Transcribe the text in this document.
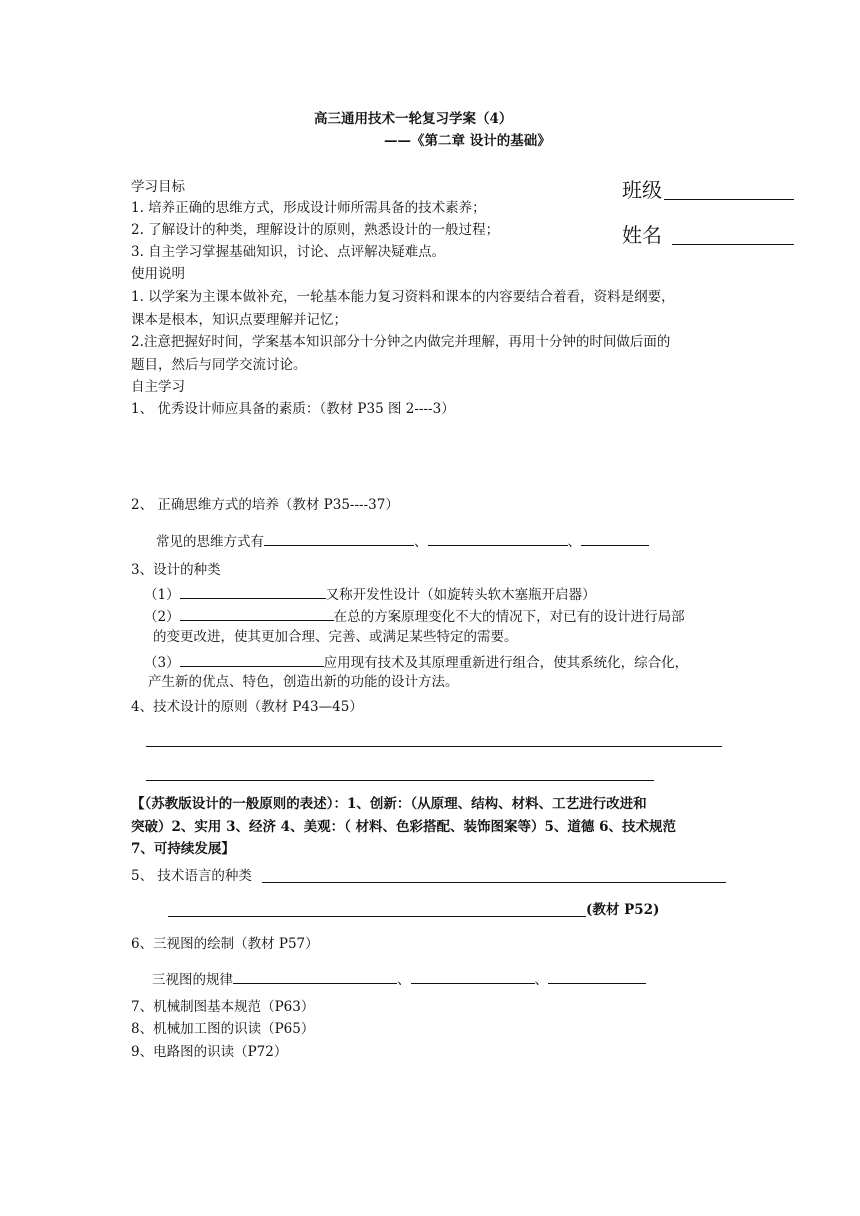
高三通用技术一轮复习学案（4）
——《第二章 设计的基础》
班级
姓名
学习目标
1. 培养正确的思维方式，形成设计师所需具备的技术素养；
2. 了解设计的种类，理解设计的原则，熟悉设计的一般过程；
3. 自主学习掌握基础知识，讨论、点评解决疑难点。
使用说明
1. 以学案为主课本做补充，一轮基本能力复习资料和课本的内容要结合着看，资料是纲要，
课本是根本，知识点要理解并记忆；
2.注意把握好时间，学案基本知识部分十分钟之内做完并理解，再用十分钟的时间做后面的
题目，然后与同学交流讨论。
自主学习
1、 优秀设计师应具备的素质：（教材 P35 图 2----3）
2、 正确思维方式的培养（教材 P35----37）
常见的思维方式有	、	、
3、设计的种类
（1）	又称开发性设计（如旋转头软木塞瓶开启器）
（2）	在总的方案原理变化不大的情况下，对已有的设计进行局部
的变更改进，使其更加合理、完善、或满足某些特定的需要。
（3）	应用现有技术及其原理重新进行组合，使其系统化，综合化，
产生新的优点、特色，创造出新的功能的设计方法。
4、技术设计的原则（教材 P43—45）
【（苏教版设计的一般原则的表述）：1、创新：（从原理、结构、材料、工艺进行改进和
突破）2、实用 3、经济 4、美观：（ 材料、色彩搭配、装饰图案等）5、道德 6、技术规范
7、可持续发展】
5、 技术语言的种类
(教材 P52)
6、三视图的绘制（教材 P57）
三视图的规律	、	、
7、机械制图基本规范（P63）
8、机械加工图的识读（P65）
9、电路图的识读（P72）
